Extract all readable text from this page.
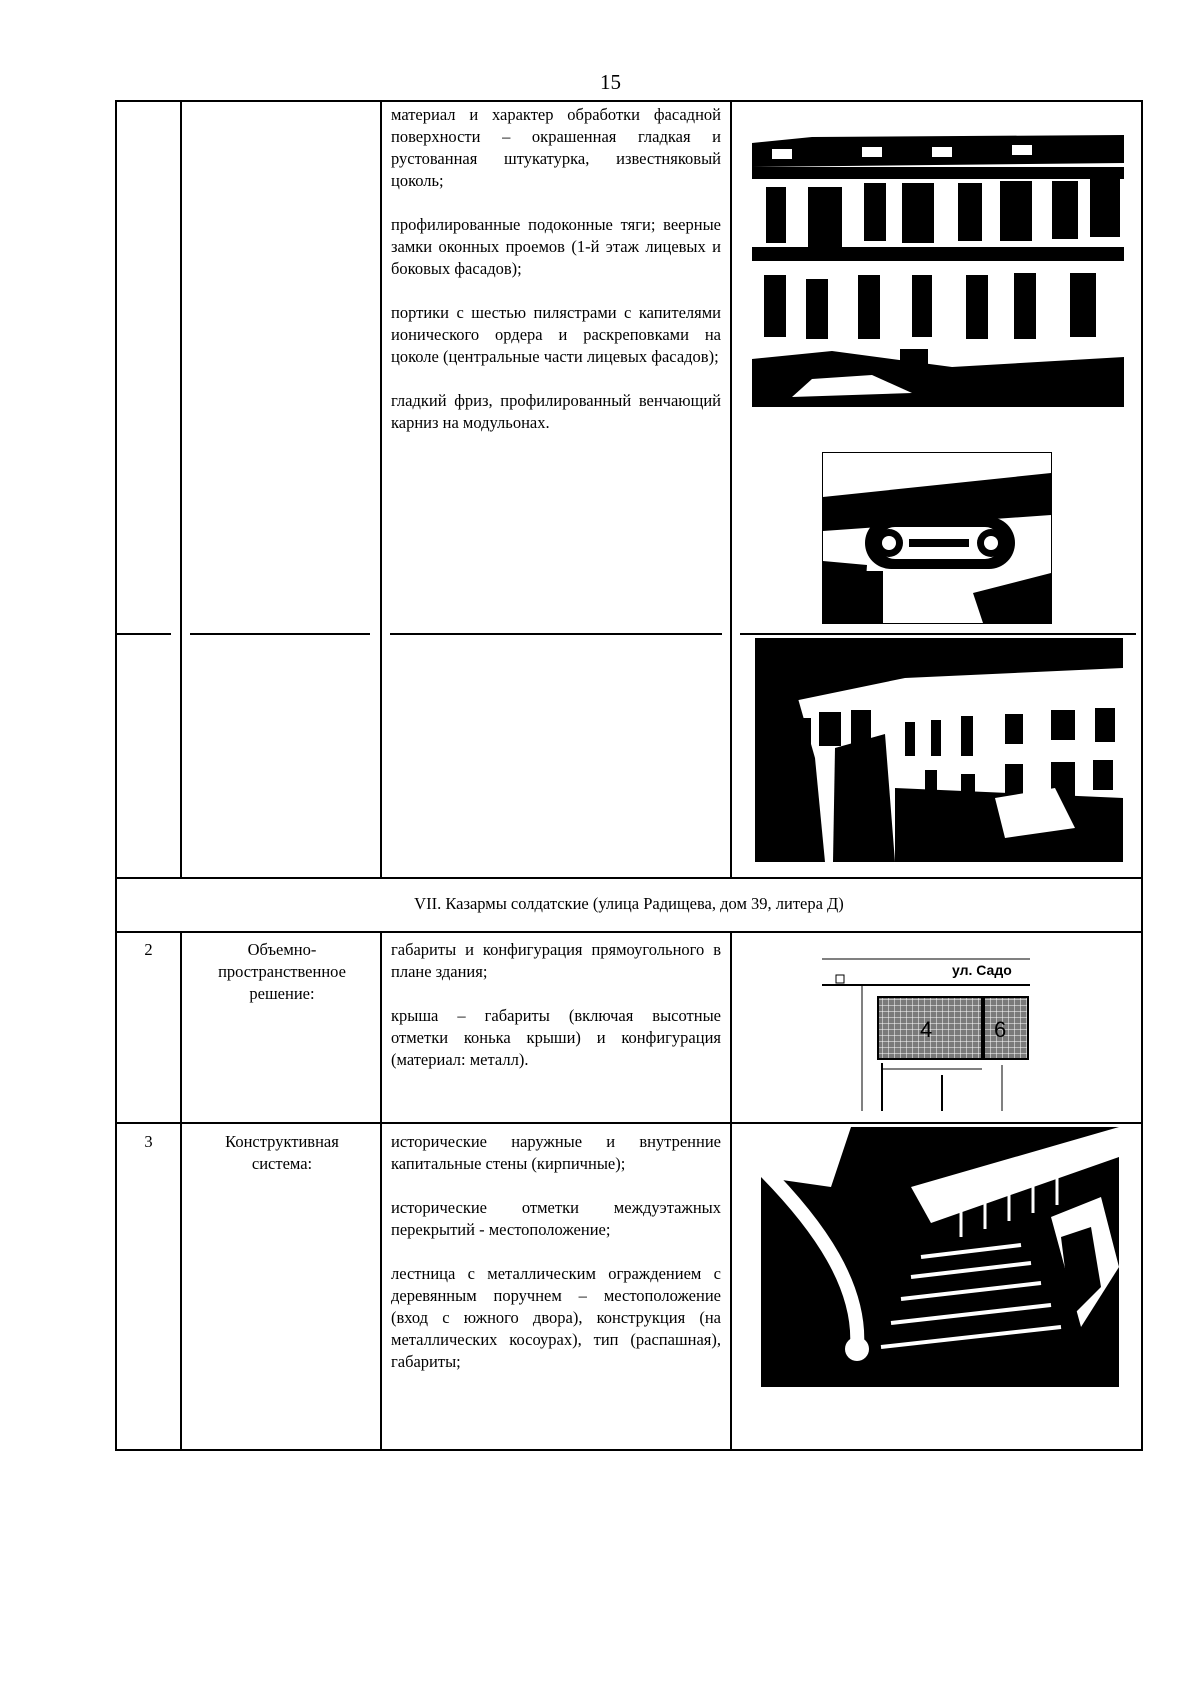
15

материал и характер обработки фасадной поверхности – окрашенная гладкая и рустованная штукатурка, известняковый цоколь;

профилированные подоконные тяги; веерные замки оконных проемов (1-й этаж лицевых и боковых фасадов);

портики с шестью пилястрами с капителями ионического ордера и раскреповками на цоколе (центральные части лицевых фасадов);

гладкий фриз, профилированный венчающий карниз на модульонах.

VII. Казармы солдатские (улица Радищева, дом 39, литера Д)
2	Объемно-пространственное решение:

габариты и конфигурация прямоугольного в плане здания;

крыша – габариты (включая высотные отметки конька крыши) и конфигурация (материал: металл).

ул. Садо
4	6
3	Конструктивная система:

исторические наружные и внутренние капитальные стены (кирпичные);

исторические отметки междуэтажных перекрытий - местоположение;

лестница с металлическим ограждением с деревянным поручнем – местоположение (вход с южного двора), конструкция (на металлических косоурах), тип (распашная), габариты;
